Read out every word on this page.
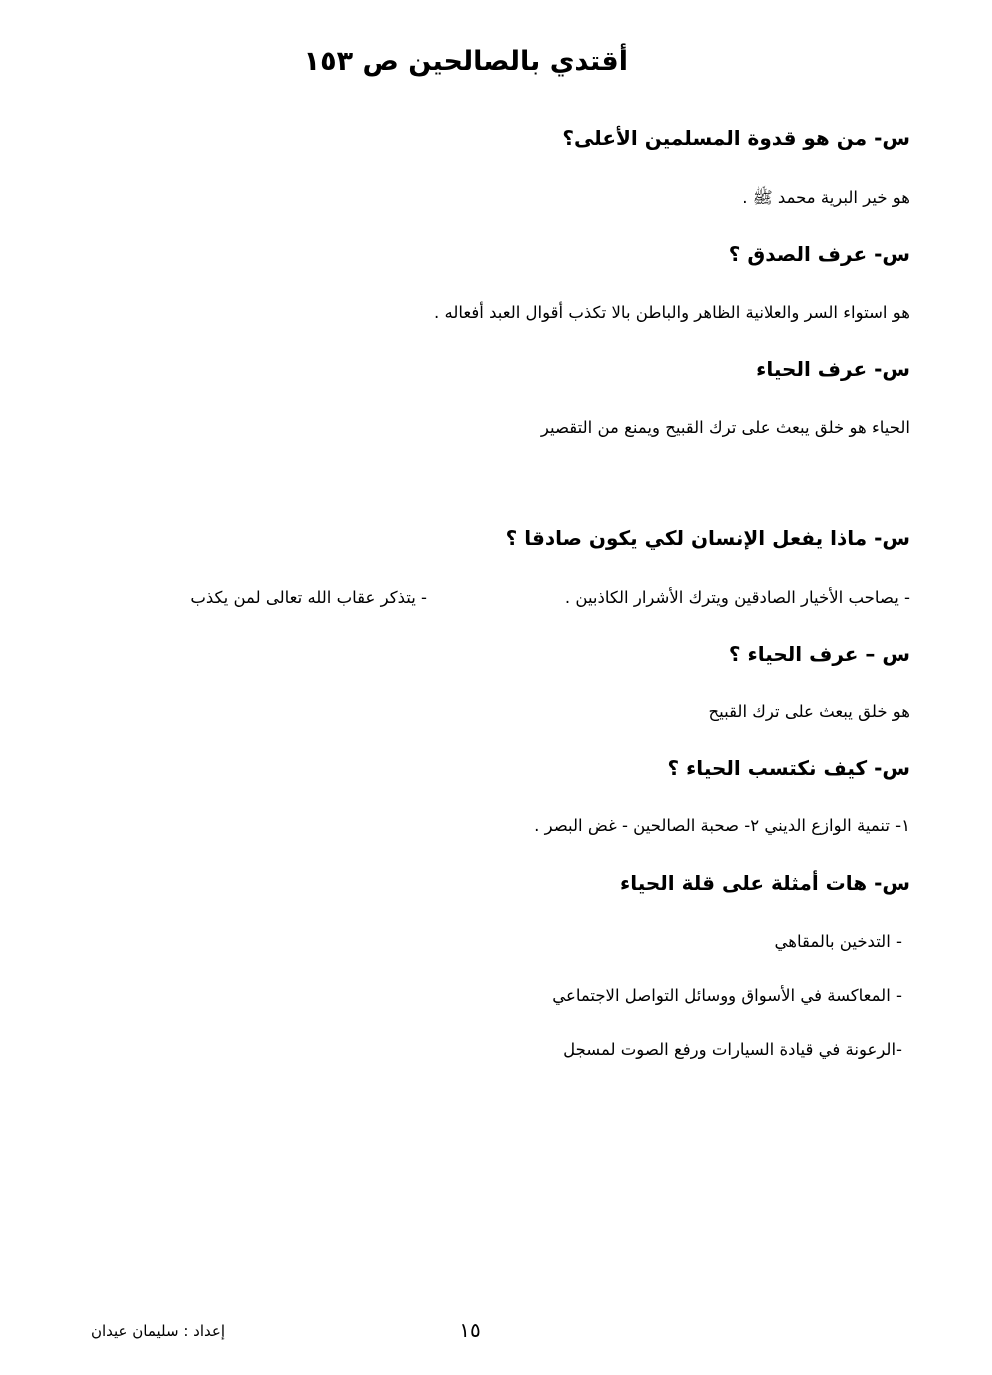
أقتدي بالصالحين ص ١٥٣

س- من هو قدوة المسلمين الأعلى؟

هو خير البرية محمد ﷺ .

س- عرف الصدق ؟

هو استواء السر والعلانية الظاهر والباطن بالا تكذب أقوال العبد أفعاله .

س- عرف الحياء

الحياء هو خلق يبعث على ترك القبيح ويمنع من التقصير

س- ماذا يفعل الإنسان لكي يكون صادقا ؟

- يصاحب الأخيار الصادقين ويترك الأشرار الكاذبين .

- يتذكر عقاب الله تعالى لمن يكذب

س – عرف الحياء ؟

هو خلق يبعث على ترك القبيح

س- كيف نكتسب الحياء ؟

١- تنمية الوازع الديني ٢- صحبة الصالحين - غض البصر .

س- هات أمثلة على قلة الحياء

- التدخين بالمقاهي

- المعاكسة في الأسواق ووسائل التواصل الاجتماعي

-الرعونة في قيادة السيارات ورفع الصوت لمسجل

١٥
إعداد : سليمان عيدان
